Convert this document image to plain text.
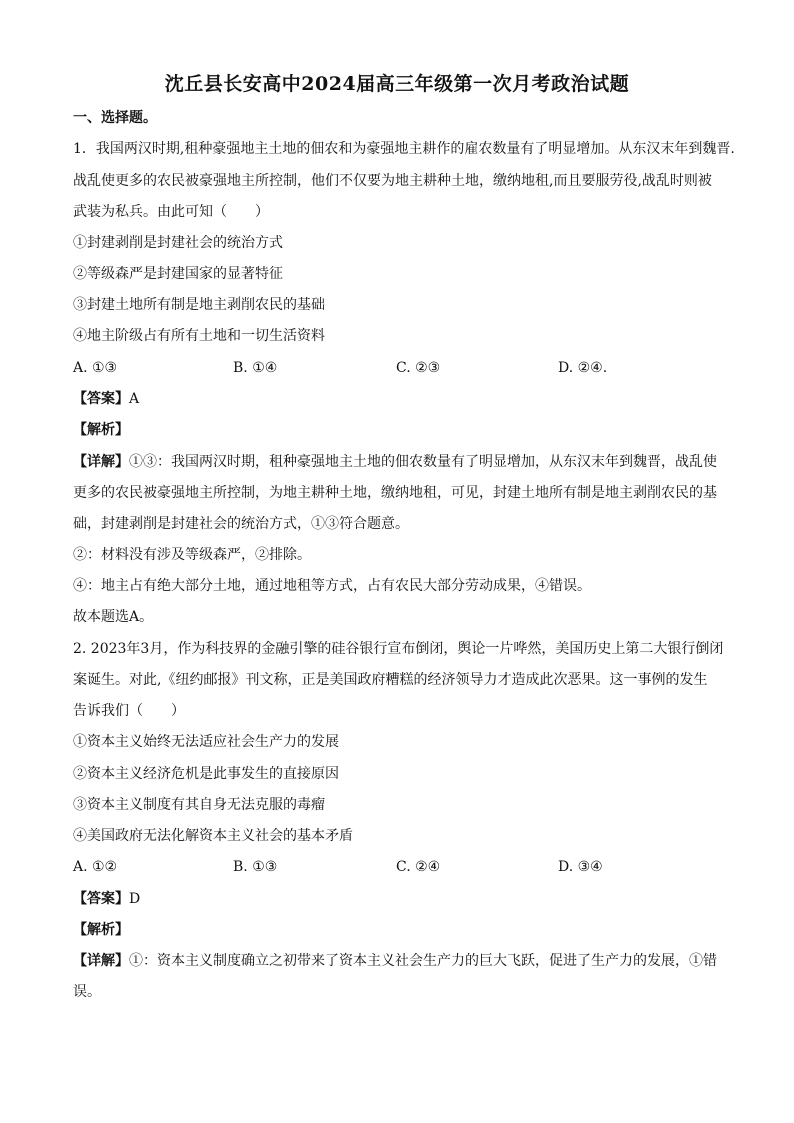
沈丘县长安高中2024届高三年级第一次月考政治试题
一、选择题。
1．我国两汉时期,租种豪强地主土地的佃农和为豪强地主耕作的雇农数量有了明显增加。从东汉末年到魏晋.
战乱使更多的农民被豪强地主所控制，他们不仅要为地主耕种土地，缴纳地租,而且要服劳役,战乱时则被
武装为私兵。由此可知（　　）
①封建剥削是封建社会的统治方式
②等级森严是封建国家的显著特征
③封建土地所有制是地主剥削农民的基础
④地主阶级占有所有土地和一切生活资料
A. ①③	B. ①④	C. ②③	D. ②④.
【答案】A
【解析】
【详解】①③：我国两汉时期，租种豪强地主土地的佃农数量有了明显增加，从东汉末年到魏晋，战乱使
更多的农民被豪强地主所控制，为地主耕种土地，缴纳地租，可见，封建土地所有制是地主剥削农民的基
础，封建剥削是封建社会的统治方式，①③符合题意。
②：材料没有涉及等级森严，②排除。
④：地主占有绝大部分土地，通过地租等方式，占有农民大部分劳动成果，④错误。
故本题选A。
2. 2023年3月，作为科技界的金融引擎的硅谷银行宣布倒闭，舆论一片哗然，美国历史上第二大银行倒闭
案诞生。对此,《纽约邮报》刊文称，正是美国政府糟糕的经济领导力才造成此次恶果。这一事例的发生
告诉我们（　　）
①资本主义始终无法适应社会生产力的发展
②资本主义经济危机是此事发生的直接原因
③资本主义制度有其自身无法克服的毒瘤
④美国政府无法化解资本主义社会的基本矛盾
A. ①②	B. ①③	C. ②④	D. ③④
【答案】D
【解析】
【详解】①：资本主义制度确立之初带来了资本主义社会生产力的巨大飞跃，促进了生产力的发展，①错
误。
